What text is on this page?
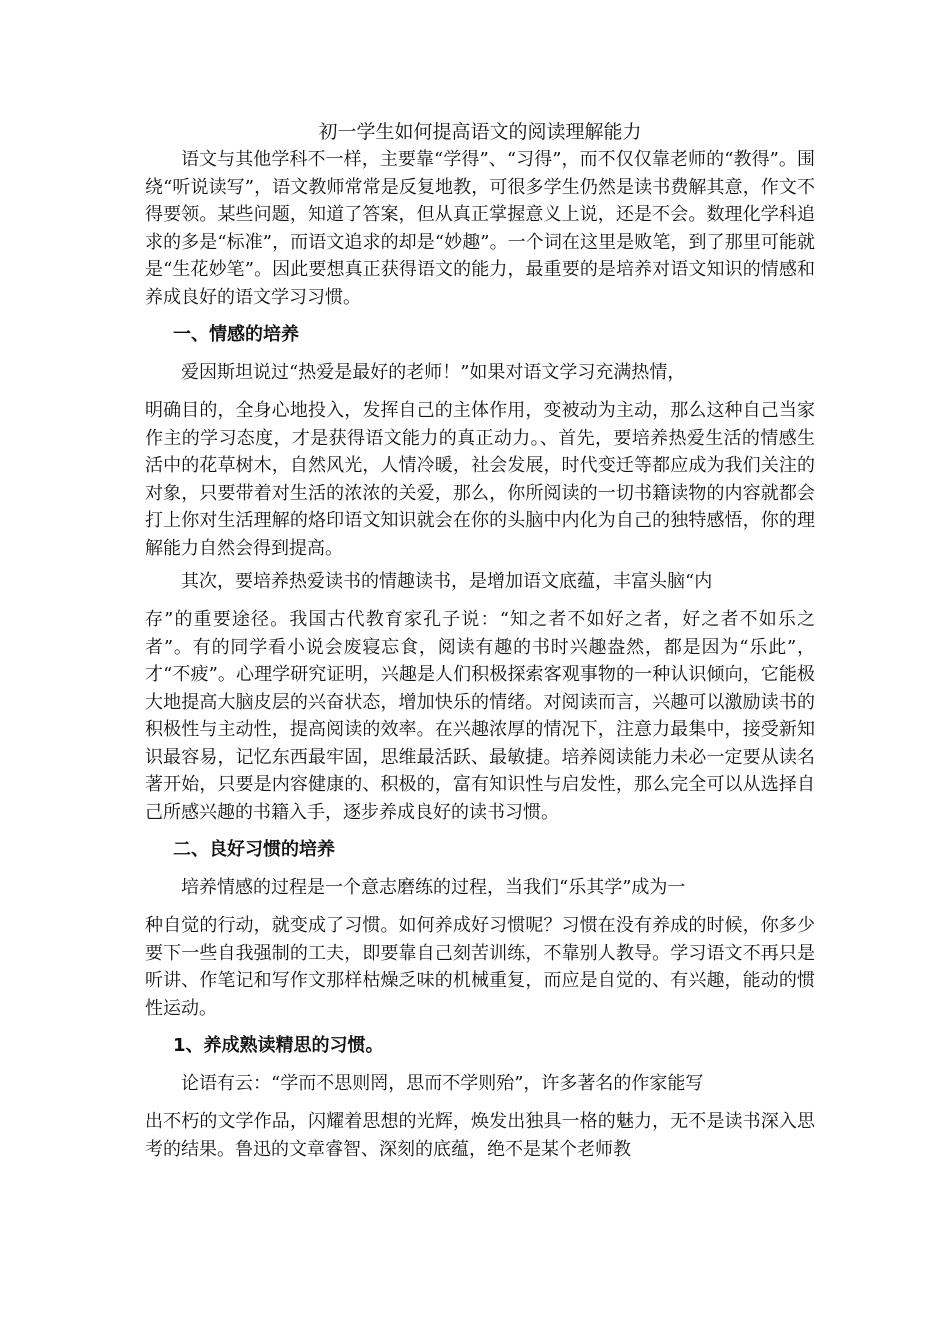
初一学生如何提高语文的阅读理解能力

语文与其他学科不一样，主要靠“学得”、“习得”，而不仅仅靠老师的“教得”。围绕“听说读写”，语文教师常常是反复地教，可很多学生仍然是读书费解其意，作文不得要领。某些问题，知道了答案，但从真正掌握意义上说，还是不会。数理化学科追求的多是“标准”，而语文追求的却是“妙趣”。一个词在这里是败笔，到了那里可能就是“生花妙笔”。因此要想真正获得语文的能力，最重要的是培养对语文知识的情感和养成良好的语文学习习惯。

一、情感的培养

爱因斯坦说过“热爱是最好的老师！”如果对语文学习充满热情，

明确目的，全身心地投入，发挥自己的主体作用，变被动为主动，那么这种自己当家作主的学习态度，才是获得语文能力的真正动力。、首先，要培养热爱生活的情感生活中的花草树木，自然风光，人情冷暖，社会发展，时代变迁等都应成为我们关注的对象，只要带着对生活的浓浓的关爱，那么，你所阅读的一切书籍读物的内容就都会打上你对生活理解的烙印语文知识就会在你的头脑中内化为自己的独特感悟，你的理解能力自然会得到提高。

其次，要培养热爱读书的情趣读书，是增加语文底蕴，丰富头脑“内

存”的重要途径。我国古代教育家孔子说：“知之者不如好之者，好之者不如乐之者”。有的同学看小说会废寝忘食，阅读有趣的书时兴趣盎然，都是因为“乐此”，才“不疲”。心理学研究证明，兴趣是人们积极探索客观事物的一种认识倾向，它能极大地提高大脑皮层的兴奋状态，增加快乐的情绪。对阅读而言，兴趣可以激励读书的积极性与主动性，提高阅读的效率。在兴趣浓厚的情况下，注意力最集中，接受新知识最容易，记忆东西最牢固，思维最活跃、最敏捷。培养阅读能力未必一定要从读名著开始，只要是内容健康的、积极的，富有知识性与启发性，那么完全可以从选择自己所感兴趣的书籍入手，逐步养成良好的读书习惯。

二、良好习惯的培养

培养情感的过程是一个意志磨练的过程，当我们“乐其学”成为一

种自觉的行动，就变成了习惯。如何养成好习惯呢？习惯在没有养成的时候，你多少要下一些自我强制的工夫，即要靠自己刻苦训练，不靠别人教导。学习语文不再只是听讲、作笔记和写作文那样枯燥乏味的机械重复，而应是自觉的、有兴趣，能动的惯性运动。

1、养成熟读精思的习惯。

论语有云：“学而不思则罔，思而不学则殆”，许多著名的作家能写

出不朽的文学作品，闪耀着思想的光辉，焕发出独具一格的魅力，无不是读书深入思考的结果。鲁迅的文章睿智、深刻的底蕴，绝不是某个老师教
